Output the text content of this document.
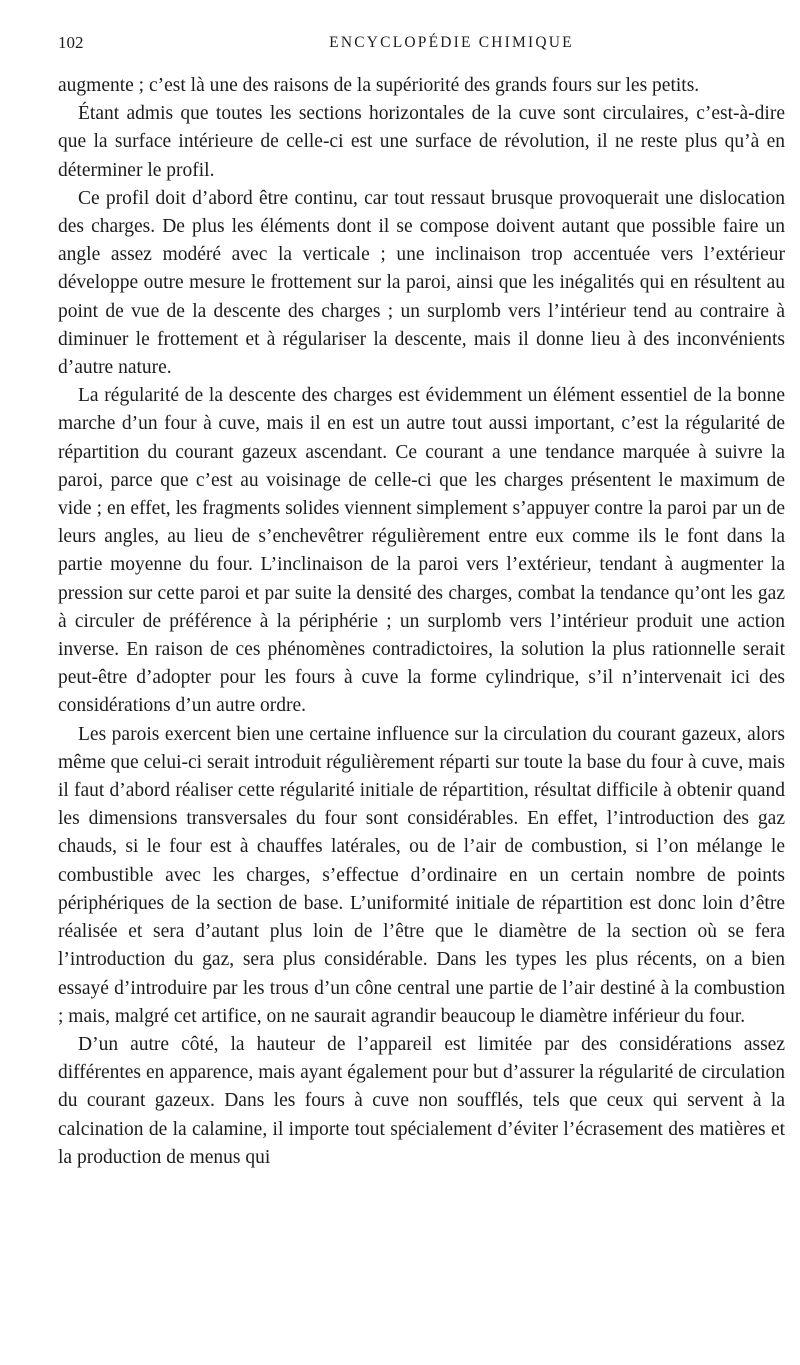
102	ENCYCLOPÉDIE CHIMIQUE

augmente ; c’est là une des raisons de la supériorité des grands fours sur les petits.

Étant admis que toutes les sections horizontales de la cuve sont circulaires, c’est-à-dire que la surface intérieure de celle-ci est une surface de révolution, il ne reste plus qu’à en déterminer le profil.

Ce profil doit d’abord être continu, car tout ressaut brusque provoquerait une dislocation des charges. De plus les éléments dont il se compose doivent autant que possible faire un angle assez modéré avec la verticale ; une inclinaison trop accentuée vers l’extérieur développe outre mesure le frottement sur la paroi, ainsi que les inégalités qui en résultent au point de vue de la descente des charges ; un surplomb vers l’intérieur tend au contraire à diminuer le frottement et à régulariser la descente, mais il donne lieu à des inconvénients d’autre nature.

La régularité de la descente des charges est évidemment un élément essentiel de la bonne marche d’un four à cuve, mais il en est un autre tout aussi important, c’est la régularité de répartition du courant gazeux ascendant. Ce courant a une tendance marquée à suivre la paroi, parce que c’est au voisinage de celle-ci que les charges présentent le maximum de vide ; en effet, les fragments solides viennent simplement s’appuyer contre la paroi par un de leurs angles, au lieu de s’enchevêtrer régulièrement entre eux comme ils le font dans la partie moyenne du four. L’inclinaison de la paroi vers l’extérieur, tendant à augmenter la pression sur cette paroi et par suite la densité des charges, combat la tendance qu’ont les gaz à circuler de préférence à la périphérie ; un surplomb vers l’intérieur produit une action inverse. En raison de ces phénomènes contradictoires, la solution la plus rationnelle serait peut-être d’adopter pour les fours à cuve la forme cylindrique, s’il n’intervenait ici des considérations d’un autre ordre.

Les parois exercent bien une certaine influence sur la circulation du courant gazeux, alors même que celui-ci serait introduit régulièrement réparti sur toute la base du four à cuve, mais il faut d’abord réaliser cette régularité initiale de répartition, résultat difficile à obtenir quand les dimensions transversales du four sont considérables. En effet, l’introduction des gaz chauds, si le four est à chauffes latérales, ou de l’air de combustion, si l’on mélange le combustible avec les charges, s’effectue d’ordinaire en un certain nombre de points périphériques de la section de base. L’uniformité initiale de répartition est donc loin d’être réalisée et sera d’autant plus loin de l’être que le diamètre de la section où se fera l’introduction du gaz, sera plus considérable. Dans les types les plus récents, on a bien essayé d’introduire par les trous d’un cône central une partie de l’air destiné à la combustion ; mais, malgré cet artifice, on ne saurait agrandir beaucoup le diamètre inférieur du four.

D’un autre côté, la hauteur de l’appareil est limitée par des considérations assez différentes en apparence, mais ayant également pour but d’assurer la régularité de circulation du courant gazeux. Dans les fours à cuve non soufflés, tels que ceux qui servent à la calcination de la calamine, il importe tout spécialement d’éviter l’écrasement des matières et la production de menus qui
